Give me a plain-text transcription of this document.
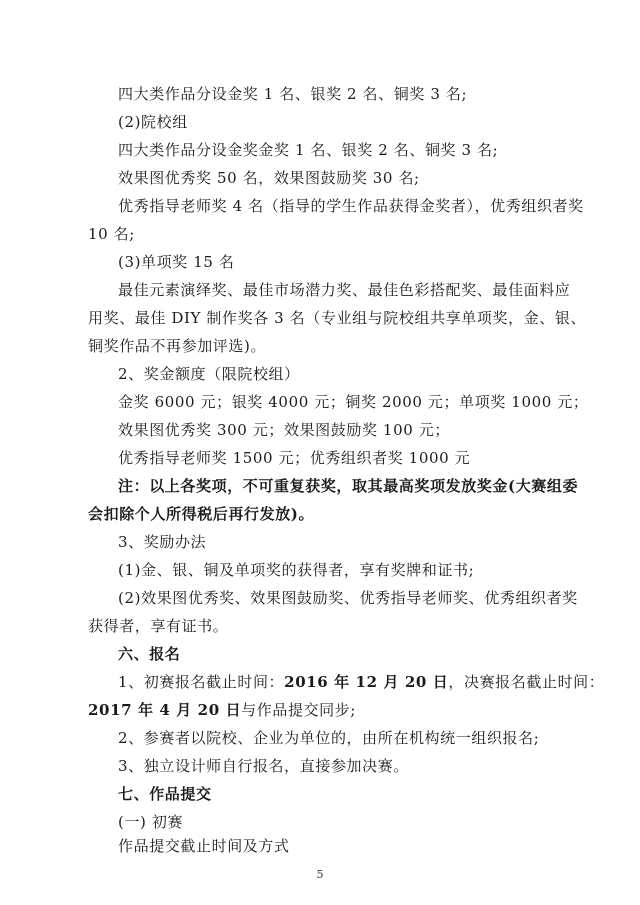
四大类作品分设金奖 1 名、银奖 2 名、铜奖 3 名;
(2)院校组
四大类作品分设金奖金奖 1 名、银奖 2 名、铜奖 3 名;
效果图优秀奖 50 名，效果图鼓励奖 30 名;
优秀指导老师奖 4 名（指导的学生作品获得金奖者），优秀组织者奖
10 名;
(3)单项奖 15 名
最佳元素演绎奖、最佳市场潜力奖、最佳色彩搭配奖、最佳面料应
用奖、最佳 DIY 制作奖各 3 名（专业组与院校组共享单项奖，金、银、
铜奖作品不再参加评选)。
2、奖金额度（限院校组）
金奖 6000 元；银奖 4000 元；铜奖 2000 元；单项奖 1000 元；
效果图优秀奖 300 元；效果图鼓励奖 100 元；
优秀指导老师奖 1500 元；优秀组织者奖 1000 元
注：以上各奖项，不可重复获奖，取其最高奖项发放奖金(大赛组委
会扣除个人所得税后再行发放)。
3、奖励办法
(1)金、银、铜及单项奖的获得者，享有奖牌和证书;
(2)效果图优秀奖、效果图鼓励奖、优秀指导老师奖、优秀组织者奖
获得者，享有证书。
六、报名
1、初赛报名截止时间：2016 年 12 月 20 日，决赛报名截止时间：
2017 年 4 月 20 日与作品提交同步;
2、参赛者以院校、企业为单位的，由所在机构统一组织报名;
3、独立设计师自行报名，直接参加决赛。
七、作品提交
(一) 初赛
作品提交截止时间及方式
5
